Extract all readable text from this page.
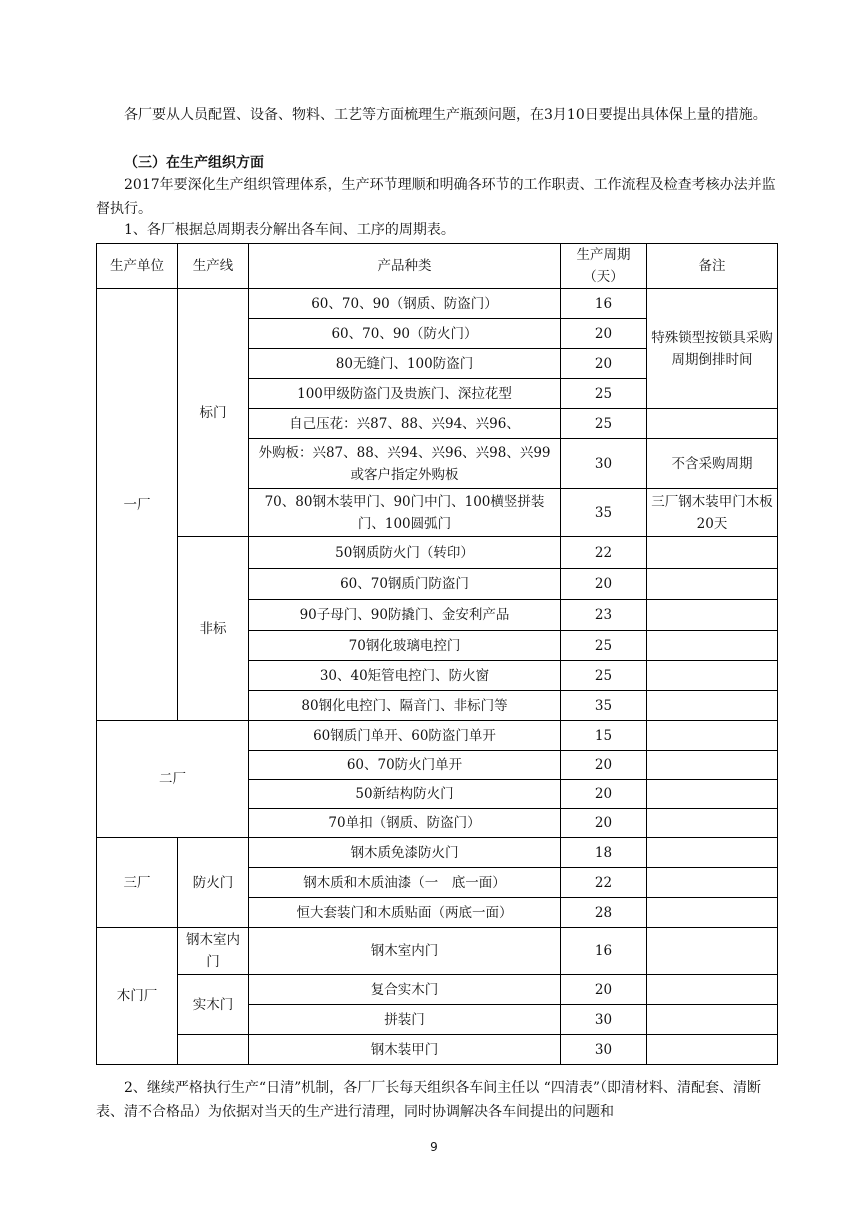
各厂要从人员配置、设备、物料、工艺等方面梳理生产瓶颈问题，在3月10日要提出具体保上量的措施。

（三）在生产组织方面

2017年要深化生产组织管理体系，生产环节理顺和明确各环节的工作职责、工作流程及检查考核办法并监督执行。

1、各厂根据总周期表分解出各车间、工序的周期表。

生产单位	生产线	产品种类	生产周期（天）	备注
一厂	标门	60、70、90（钢质、防盗门）	16	特殊锁型按锁具采购周期倒排时间
		60、70、90（防火门）	20	
		80无缝门、100防盗门	20	
		100甲级防盗门及贵族门、深拉花型	25	
		自己压花：兴87、88、兴94、兴96、	25	
		外购板：兴87、88、兴94、兴96、兴98、兴99或客户指定外购板	30	不含采购周期
		70、80钢木装甲门、90门中门、100横竖拼装门、100圆弧门	35	三厂钢木装甲门木板20天
	非标	50钢质防火门（转印）	22	
		60、70钢质门防盗门	20	
		90子母门、90防撬门、金安利产品	23	
		70钢化玻璃电控门	25	
		30、40矩管电控门、防火窗	25	
		80钢化电控门、隔音门、非标门等	35	
二厂		60钢质门单开、60防盗门单开	15	
		60、70防火门单开	20	
		50新结构防火门	20	
		70单扣（钢质、防盗门）	20	
三厂	防火门	钢木质免漆防火门	18	
		钢木质和木质油漆（一　底一面）	22	
		恒大套装门和木质贴面（两底一面）	28	
木门厂	钢木室内门	钢木室内门	16	
	实木门	复合实木门	20	
		拼装门	30	
		钢木装甲门	30	

2、继续严格执行生产“日清”机制，各厂厂长每天组织各车间主任以 “四清表”（即清材料、清配套、清断表、清不合格品）为依据对当天的生产进行清理，同时协调解决各车间提出的问题和

9
